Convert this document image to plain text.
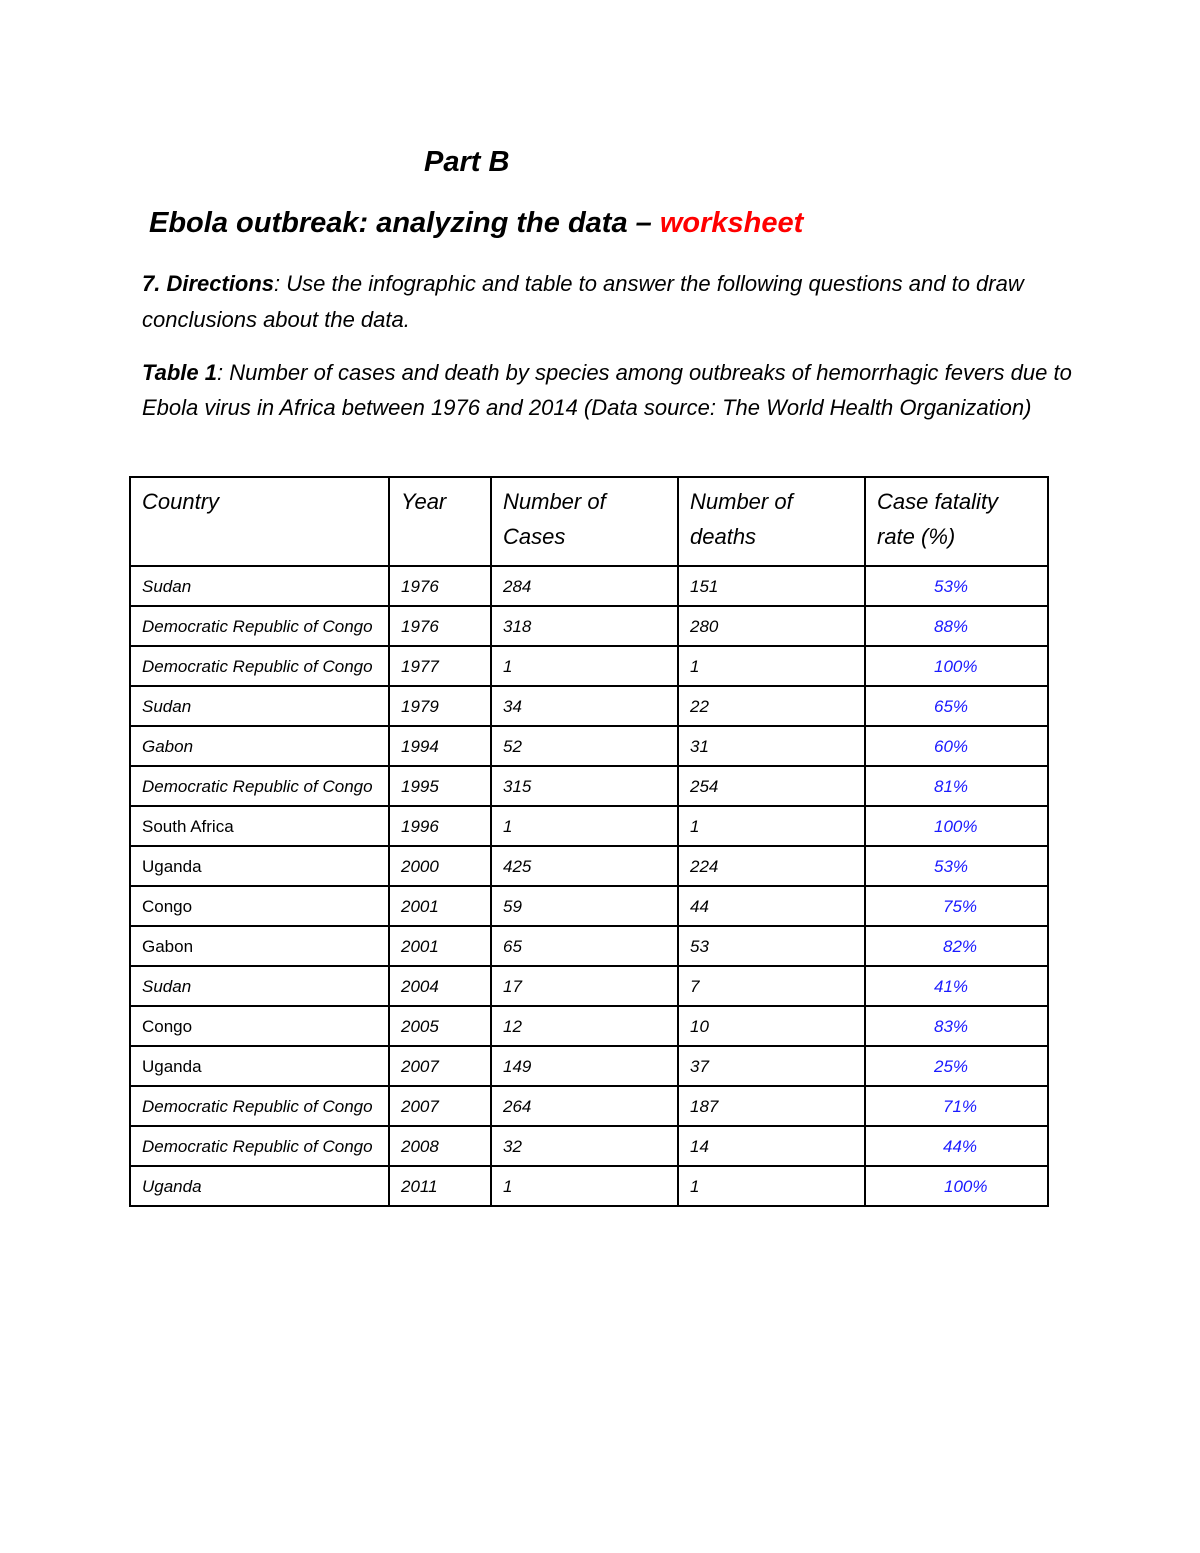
Part B
Ebola outbreak: analyzing the data – worksheet

7. Directions: Use the infographic and table to answer the following questions and to draw conclusions about the data.

Table 1: Number of cases and death by species among outbreaks of hemorrhagic fevers due to Ebola virus in Africa between 1976 and 2014 (Data source: The World Health Organization)

Country	Year	Number of Cases	Number of deaths	Case fatality rate (%)
Sudan	1976	284	151	53%
Democratic Republic of Congo	1976	318	280	88%
Democratic Republic of Congo	1977	1	1	100%
Sudan	1979	34	22	65%
Gabon	1994	52	31	60%
Democratic Republic of Congo	1995	315	254	81%
South Africa	1996	1	1	100%
Uganda	2000	425	224	53%
Congo	2001	59	44	75%
Gabon	2001	65	53	82%
Sudan	2004	17	7	41%
Congo	2005	12	10	83%
Uganda	2007	149	37	25%
Democratic Republic of Congo	2007	264	187	71%
Democratic Republic of Congo	2008	32	14	44%
Uganda	2011	1	1	100%
